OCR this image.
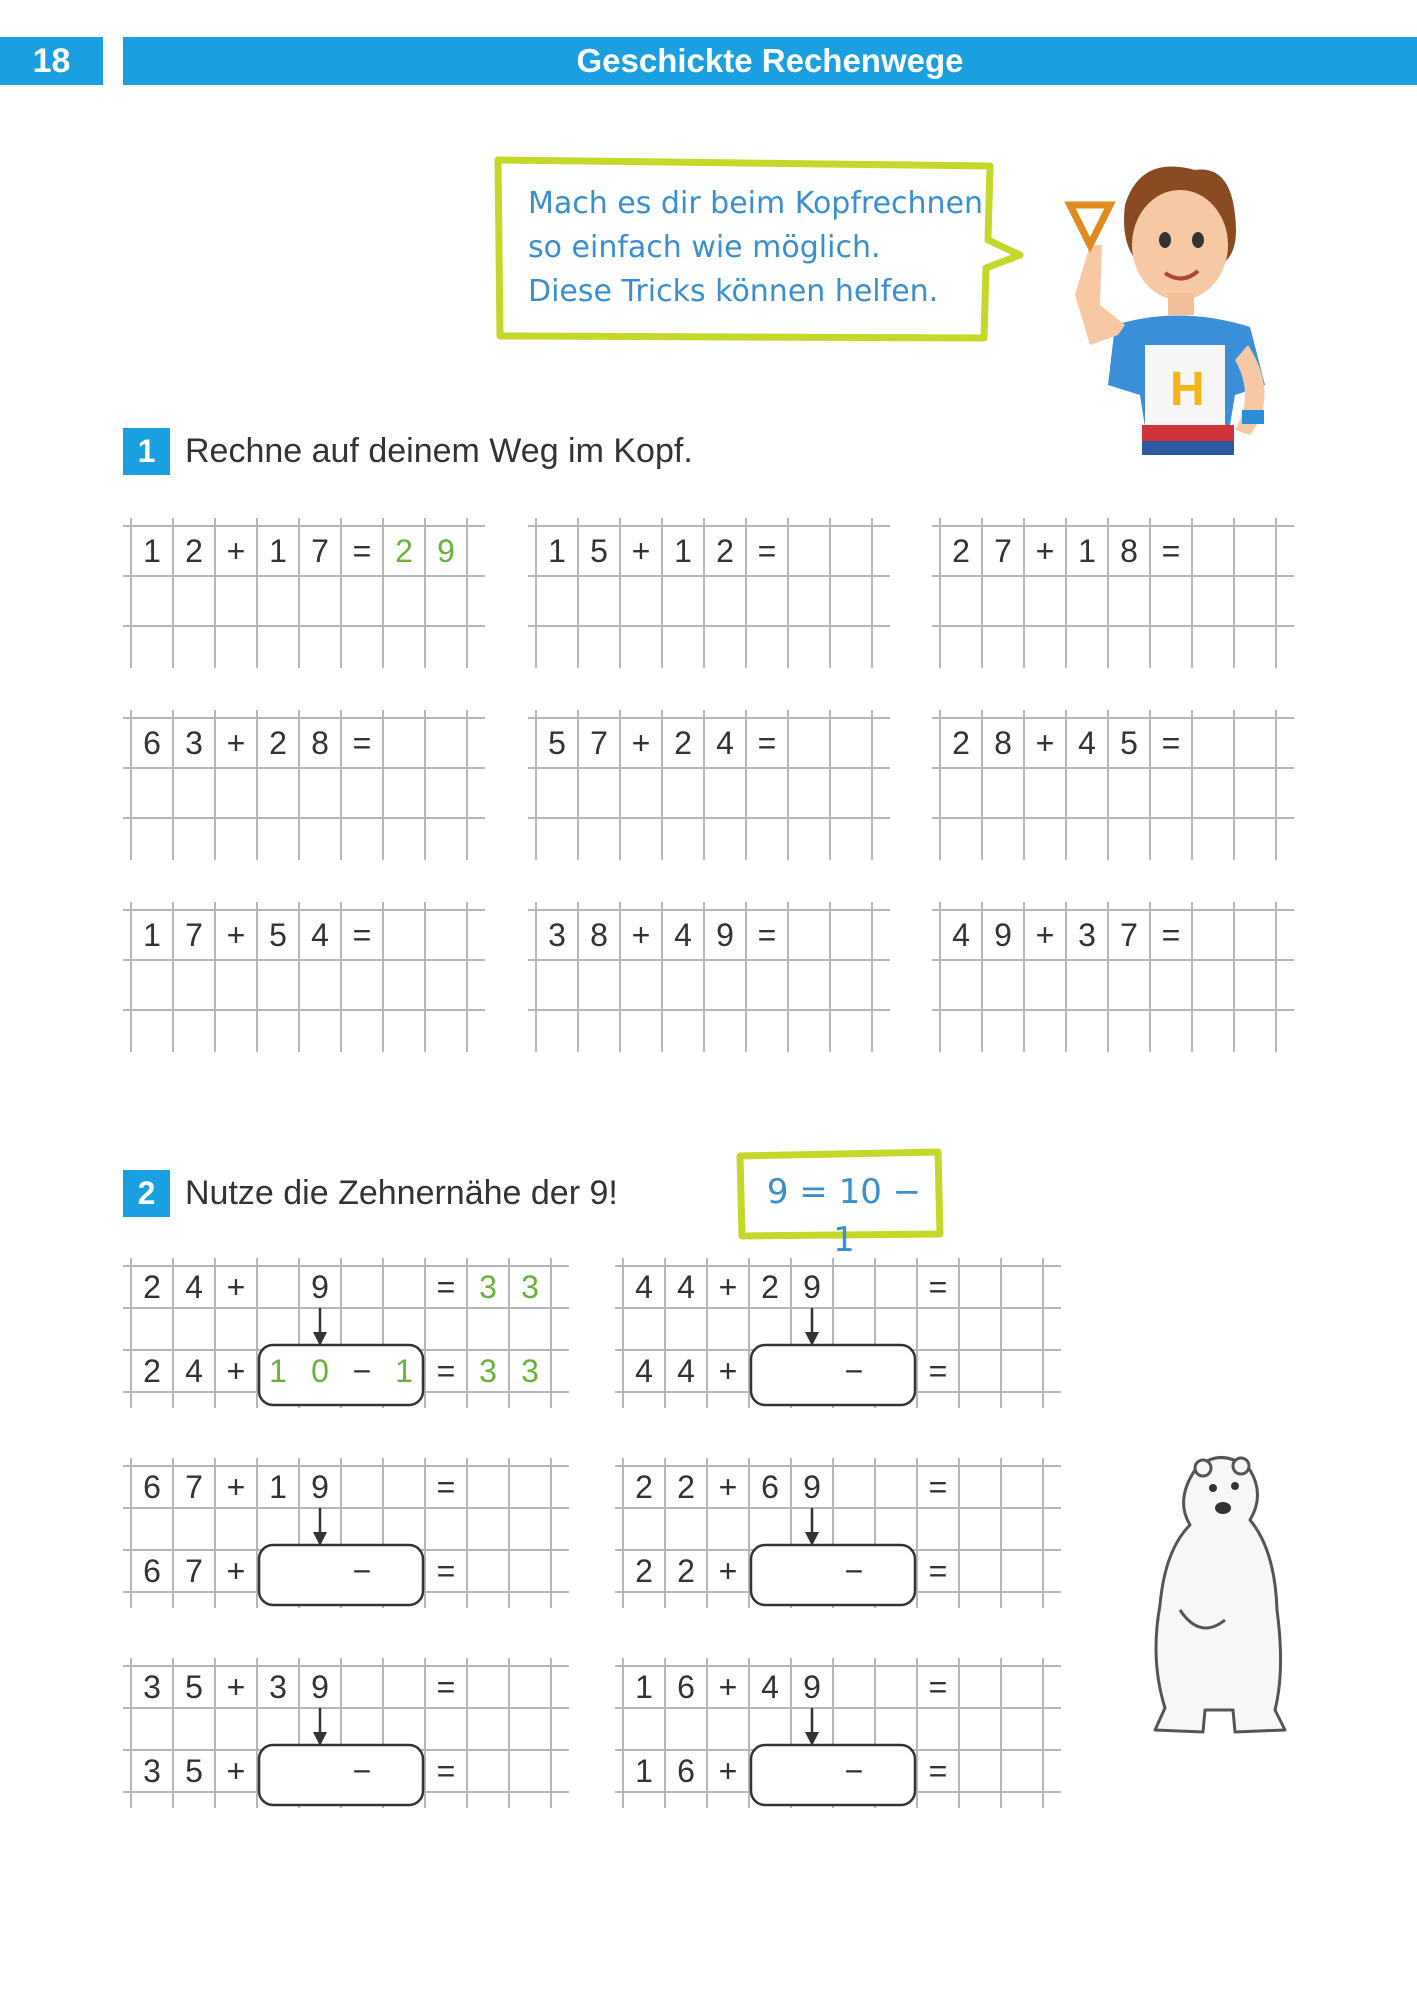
18	Geschickte Rechenwege
Mach es dir beim Kopfrechnen
so einfach wie möglich.
Diese Tricks können helfen.
H
1 Rechne auf deinem Weg im Kopf.
1 2 + 1 7 = 2 9	1 5 + 1 2 =	2 7 + 1 8 =
6 3 + 2 8 =	5 7 + 2 4 =	2 8 + 4 5 =
1 7 + 5 4 =	3 8 + 4 9 =	4 9 + 3 7 =
2 Nutze die Zehnernähe der 9!	9 = 10 − 1
2 4 +	9	= 3 3
2 4 + 1 0 − 1 = 3 3
4 4 + 2 9	=
4 4 +	−	=
6 7 + 1 9	=
6 7 +	−	=
2 2 + 6 9	=
2 2 +	−	=
3 5 + 3 9	=
3 5 +	−	=
1 6 + 4 9	=
1 6 +	−	=
